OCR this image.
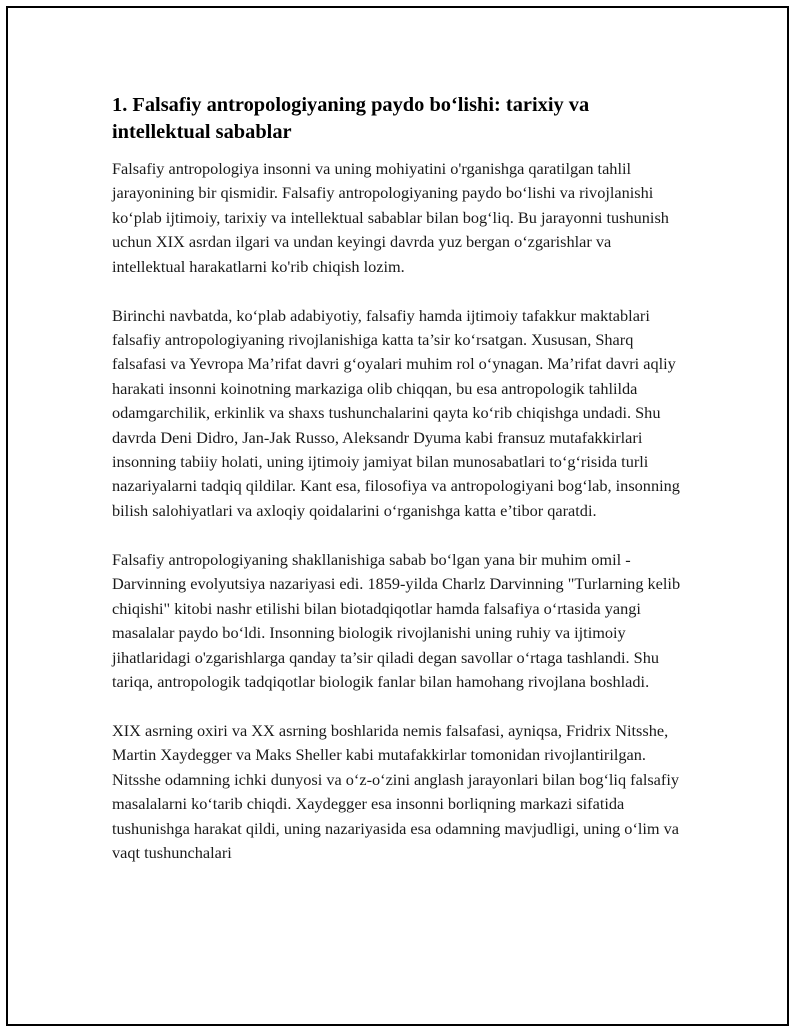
1. Falsafiy antropologiyaning paydo bo‘lishi: tarixiy va intellektual sabablar

Falsafiy antropologiya insonni va uning mohiyatini o'rganishga qaratilgan tahlil jarayonining bir qismidir. Falsafiy antropologiyaning paydo bo‘lishi va rivojlanishi ko‘plab ijtimoiy, tarixiy va intellektual sabablar bilan bog‘liq. Bu jarayonni tushunish uchun XIX asrdan ilgari va undan keyingi davrda yuz bergan o‘zgarishlar va intellektual harakatlarni ko'rib chiqish lozim.

Birinchi navbatda, ko‘plab adabiyotiy, falsafiy hamda ijtimoiy tafakkur maktablari falsafiy antropologiyaning rivojlanishiga katta ta’sir ko‘rsatgan. Xususan, Sharq falsafasi va Yevropa Ma’rifat davri g‘oyalari muhim rol o‘ynagan. Ma’rifat davri aqliy harakati insonni koinotning markaziga olib chiqqan, bu esa antropologik tahlilda odamgarchilik, erkinlik va shaxs tushunchalarini qayta ko‘rib chiqishga undadi. Shu davrda Deni Didro, Jan-Jak Russo, Aleksandr Dyuma kabi fransuz mutafakkirlari insonning tabiiy holati, uning ijtimoiy jamiyat bilan munosabatlari to‘g‘risida turli nazariyalarni tadqiq qildilar. Kant esa, filosofiya va antropologiyani bog‘lab, insonning bilish salohiyatlari va axloqiy qoidalarini o‘rganishga katta e’tibor qaratdi.

Falsafiy antropologiyaning shakllanishiga sabab bo‘lgan yana bir muhim omil - Darvinning evolyutsiya nazariyasi edi. 1859-yilda Charlz Darvinning "Turlarning kelib chiqishi" kitobi nashr etilishi bilan biotadqiqotlar hamda falsafiya o‘rtasida yangi masalalar paydo bo‘ldi. Insonning biologik rivojlanishi uning ruhiy va ijtimoiy jihatlaridagi o'zgarishlarga qanday ta’sir qiladi degan savollar o‘rtaga tashlandi. Shu tariqa, antropologik tadqiqotlar biologik fanlar bilan hamohang rivojlana boshladi.

XIX asrning oxiri va XX asrning boshlarida nemis falsafasi, ayniqsa, Fridrix Nitsshe, Martin Xaydegger va Maks Sheller kabi mutafakkirlar tomonidan rivojlantirilgan. Nitsshe odamning ichki dunyosi va o‘z-o‘zini anglash jarayonlari bilan bog‘liq falsafiy masalalarni ko‘tarib chiqdi. Xaydegger esa insonni borliqning markazi sifatida tushunishga harakat qildi, uning nazariyasida esa odamning mavjudligi, uning o‘lim va vaqt tushunchalari
